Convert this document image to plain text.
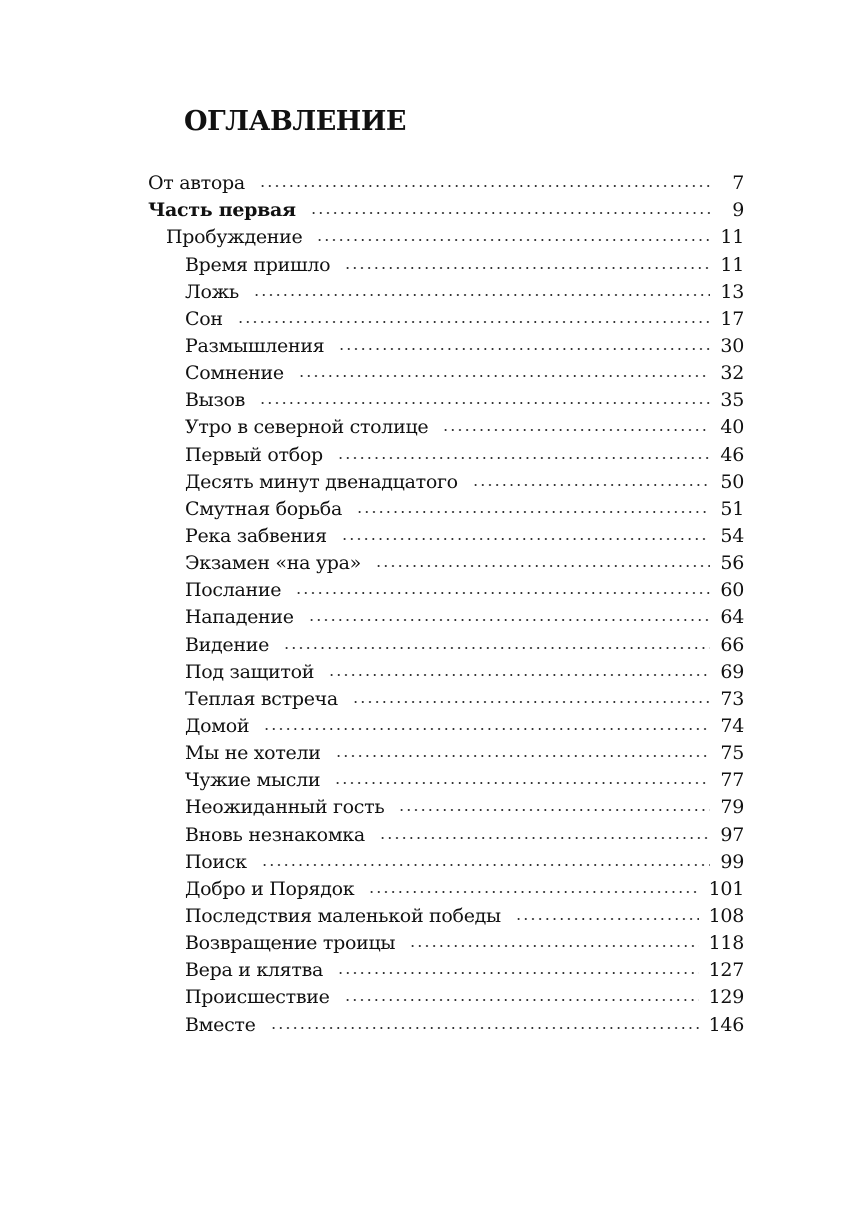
ОГЛАВЛЕНИЕ
От автора	7
Часть первая	9
Пробуждение	11
Время пришло	11
Ложь	13
Сон	17
Размышления	30
Сомнение	32
Вызов	35
Утро в северной столице	40
Первый отбор	46
Десять минут двенадцатого	50
Смутная борьба	51
Река забвения	54
Экзамен «на ура»	56
Послание	60
Нападение	64
Видение	66
Под защитой	69
Теплая встреча	73
Домой	74
Мы не хотели	75
Чужие мысли	77
Неожиданный гость	79
Вновь незнакомка	97
Поиск	99
Добро и Порядок	101
Последствия маленькой победы	108
Возвращение троицы	118
Вера и клятва	127
Происшествие	129
Вместе	146
